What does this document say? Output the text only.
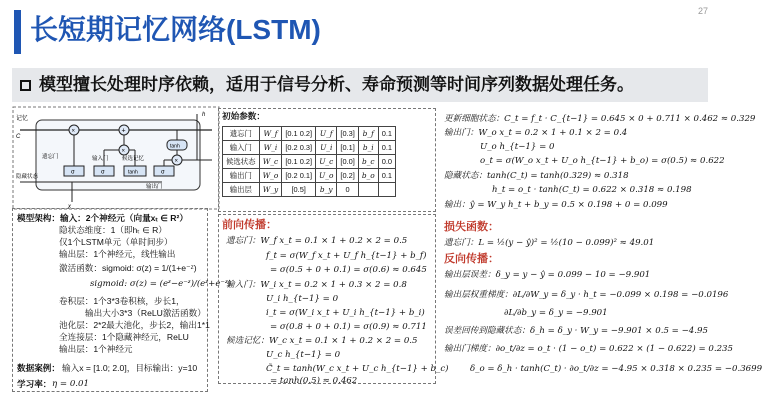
长短期记忆网络(LSTM)
27
模型擅长处理时序依赖，适用于信号分析、寿命预测等时间序列数据处理任务。
记忆
C
遗忘门	输入门 候选记忆
输出门
隐藏状态
h
x
×	+
×
×
tanh
σ	σ	tanh	σ
模型架构：输入：2个神经元（向量xₜ ∈ R²）
隐状态维度：1（即hₜ ∈ R）
仅1个LSTM单元（单时间步）
输出层：1个神经元，线性输出
激活函数：sigmoid: σ(z) = 1/(1+e⁻ᶻ)
sigmoid: σ(z) = (eᶻ−e⁻ᶻ)/(eᶻ+e⁻ᶻ)
卷积层：1个3*3卷积核，步长1，
输出大小3*3（ReLU激活函数）
池化层：2*2最大池化，步长2，输出1*1
全连接层：1个隐藏神经元，ReLU
输出层：1个神经元
数据案例： 输入x = [1.0; 2.0]，目标输出：y=10
学习率： η = 0.01
初始参数：
遗忘门	W_f	[0.1 0.2]	U_f	[0.3]	b_f	0.1
输入门	W_i	[0.2 0.3]	U_i	[0.1]	b_i	0.1
候选状态	W_c	[0.1 0.2]	U_c	[0.0]	b_c	0.0
输出门	W_o	[0.2 0.1]	U_o	[0.2]	b_o	0.1
输出层	W_y	[0.5]	b_y	0		
前向传播：
遗忘门：W_f x_t = 0.1 × 1 + 0.2 × 2 = 0.5
f_t = σ(W_f x_t + U_f h_{t−1} + b_f)
= σ(0.5 + 0 + 0.1) = σ(0.6) ≈ 0.645
输入门：W_i x_t = 0.2 × 1 + 0.3 × 2 = 0.8
U_i h_{t−1} = 0
i_t = σ(W_i x_t + U_i h_{t−1} + b_i)
= σ(0.8 + 0 + 0.1) = σ(0.9) ≈ 0.711
候选记忆：W_c x_t = 0.1 × 1 + 0.2 × 2 = 0.5
U_c h_{t−1} = 0
C̃_t = tanh(W_c x_t + U_c h_{t−1} + b_c)
= tanh(0.5) ≈ 0.462
更新细胞状态：C_t = f_t · C_{t−1} = 0.645 × 0 + 0.711 × 0.462 ≈ 0.329
输出门：W_o x_t = 0.2 × 1 + 0.1 × 2 = 0.4
U_o h_{t−1} = 0
o_t = σ(W_o x_t + U_o h_{t−1} + b_o) = σ(0.5) ≈ 0.622
隐藏状态：tanh(C_t) = tanh(0.329) ≈ 0.318
h_t = o_t · tanh(C_t) = 0.622 × 0.318 ≈ 0.198
输出：ŷ = W_y h_t + b_y = 0.5 × 0.198 + 0 = 0.099
损失函数：
遗忘门：L = ½(y − ŷ)² = ½(10 − 0.099)² ≈ 49.01
反向传播：
输出层误差：δ_y = y − ŷ = 0.099 − 10 = −9.901
输出层权重梯度：∂L/∂W_y = δ_y · h_t = −0.099 × 0.198 = −0.0196
∂L/∂b_y = δ_y = −9.901
误差回传到隐藏状态：δ_h = δ_y · W_y = −9.901 × 0.5 = −4.95
输出门梯度：∂o_t/∂z = o_t · (1 − o_t) = 0.622 × (1 − 0.622) = 0.235
δ_o = δ_h · tanh(C_t) · ∂o_t/∂z = −4.95 × 0.318 × 0.235 = −0.3699
